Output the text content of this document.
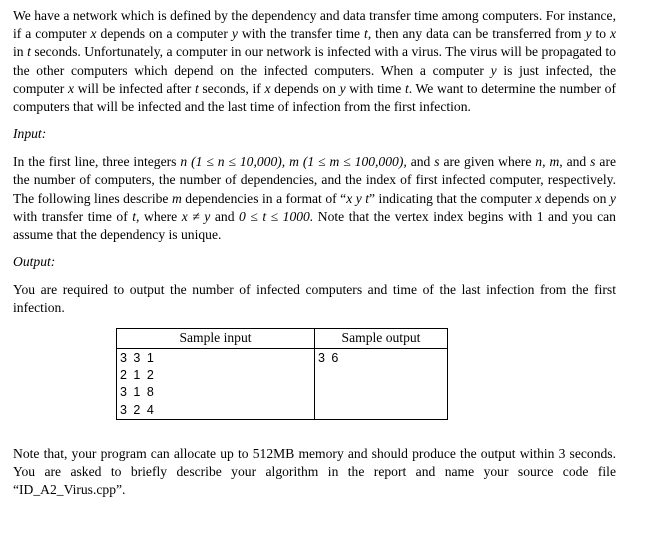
We have a network which is defined by the dependency and data transfer time among computers. For instance, if a computer x depends on a computer y with the transfer time t, then any data can be transferred from y to x in t seconds. Unfortunately, a computer in our network is infected with a virus. The virus will be propagated to the other computers which depend on the infected computers. When a computer y is just infected, the computer x will be infected after t seconds, if x depends on y with time t. We want to determine the number of computers that will be infected and the last time of infection from the first infection.

Input:

In the first line, three integers n (1 ≤ n ≤ 10,000), m (1 ≤ m ≤ 100,000), and s are given where n, m, and s are the number of computers, the number of dependencies, and the index of first infected computer, respectively. The following lines describe m dependencies in a format of “x y t” indicating that the computer x depends on y with transfer time of t, where x ≠ y and 0 ≤ t ≤ 1000. Note that the vertex index begins with 1 and you can assume that the dependency is unique.

Output:

You are required to output the number of infected computers and time of the last infection from the first infection.

Sample input	Sample output

3 3 1
2 1 2
3 1 8
3 2 4	3 6

Note that, your program can allocate up to 512MB memory and should produce the output within 3 seconds. You are asked to briefly describe your algorithm in the report and name your source code file “ID_A2_Virus.cpp”.
